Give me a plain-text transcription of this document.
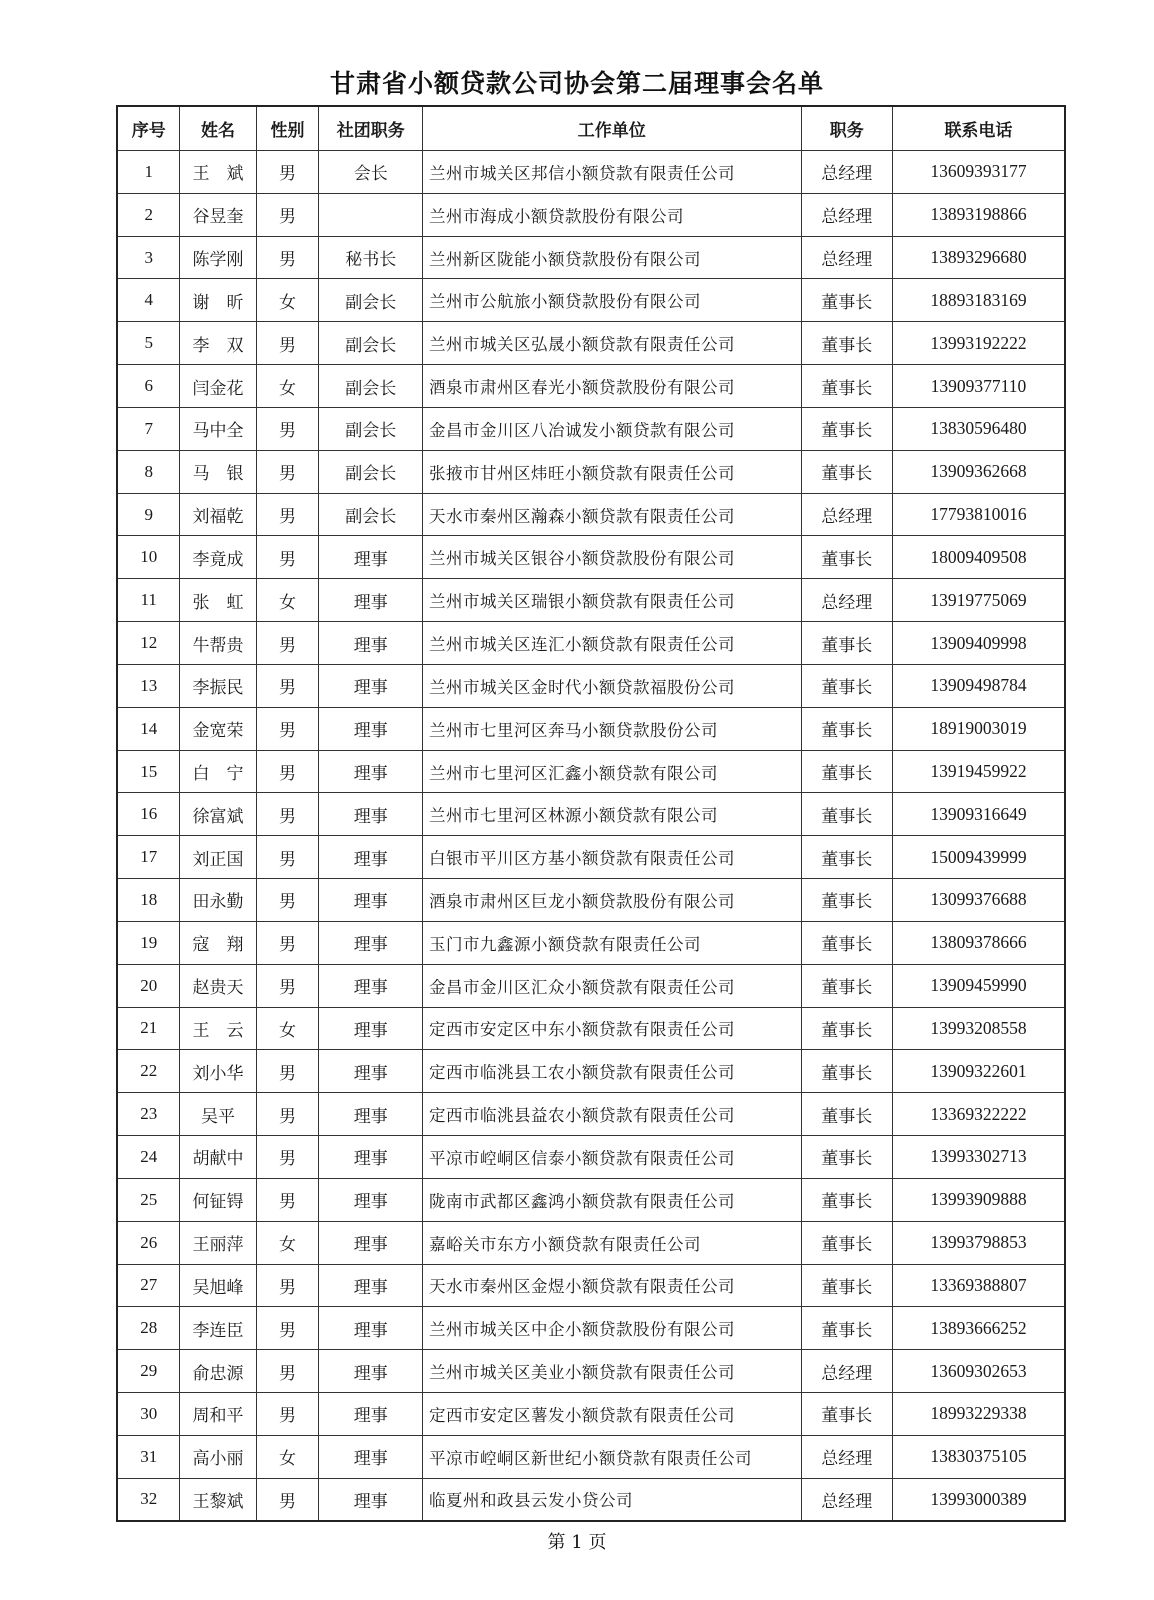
甘肃省小额贷款公司协会第二届理事会名单
序号	姓名	性别	社团职务	工作单位	职务	联系电话
1	王　斌	男	会长	兰州市城关区邦信小额贷款有限责任公司	总经理	13609393177
2	谷昱奎	男		兰州市海成小额贷款股份有限公司	总经理	13893198866
3	陈学刚	男	秘书长	兰州新区陇能小额贷款股份有限公司	总经理	13893296680
4	谢　昕	女	副会长	兰州市公航旅小额贷款股份有限公司	董事长	18893183169
5	李　双	男	副会长	兰州市城关区弘晟小额贷款有限责任公司	董事长	13993192222
6	闫金花	女	副会长	酒泉市肃州区春光小额贷款股份有限公司	董事长	13909377110
7	马中全	男	副会长	金昌市金川区八冶诚发小额贷款有限公司	董事长	13830596480
8	马　银	男	副会长	张掖市甘州区炜旺小额贷款有限责任公司	董事长	13909362668
9	刘福乾	男	副会长	天水市秦州区瀚森小额贷款有限责任公司	总经理	17793810016
10	李竟成	男	理事	兰州市城关区银谷小额贷款股份有限公司	董事长	18009409508
11	张　虹	女	理事	兰州市城关区瑞银小额贷款有限责任公司	总经理	13919775069
12	牛帮贵	男	理事	兰州市城关区连汇小额贷款有限责任公司	董事长	13909409998
13	李振民	男	理事	兰州市城关区金时代小额贷款福股份公司	董事长	13909498784
14	金宽荣	男	理事	兰州市七里河区奔马小额贷款股份公司	董事长	18919003019
15	白　宁	男	理事	兰州市七里河区汇鑫小额贷款有限公司	董事长	13919459922
16	徐富斌	男	理事	兰州市七里河区林源小额贷款有限公司	董事长	13909316649
17	刘正国	男	理事	白银市平川区方基小额贷款有限责任公司	董事长	15009439999
18	田永勤	男	理事	酒泉市肃州区巨龙小额贷款股份有限公司	董事长	13099376688
19	寇　翔	男	理事	玉门市九鑫源小额贷款有限责任公司	董事长	13809378666
20	赵贵天	男	理事	金昌市金川区汇众小额贷款有限责任公司	董事长	13909459990
21	王　云	女	理事	定西市安定区中东小额贷款有限责任公司	董事长	13993208558
22	刘小华	男	理事	定西市临洮县工农小额贷款有限责任公司	董事长	13909322601
23	吴平	男	理事	定西市临洮县益农小额贷款有限责任公司	董事长	13369322222
24	胡献中	男	理事	平凉市崆峒区信泰小额贷款有限责任公司	董事长	13993302713
25	何钲锝	男	理事	陇南市武都区鑫鸿小额贷款有限责任公司	董事长	13993909888
26	王丽萍	女	理事	嘉峪关市东方小额贷款有限责任公司	董事长	13993798853
27	吴旭峰	男	理事	天水市秦州区金煜小额贷款有限责任公司	董事长	13369388807
28	李连臣	男	理事	兰州市城关区中企小额贷款股份有限公司	董事长	13893666252
29	俞忠源	男	理事	兰州市城关区美业小额贷款有限责任公司	总经理	13609302653
30	周和平	男	理事	定西市安定区薯发小额贷款有限责任公司	董事长	18993229338
31	高小丽	女	理事	平凉市崆峒区新世纪小额贷款有限责任公司	总经理	13830375105
32	王黎斌	男	理事	临夏州和政县云发小贷公司	总经理	13993000389
第 1 页
